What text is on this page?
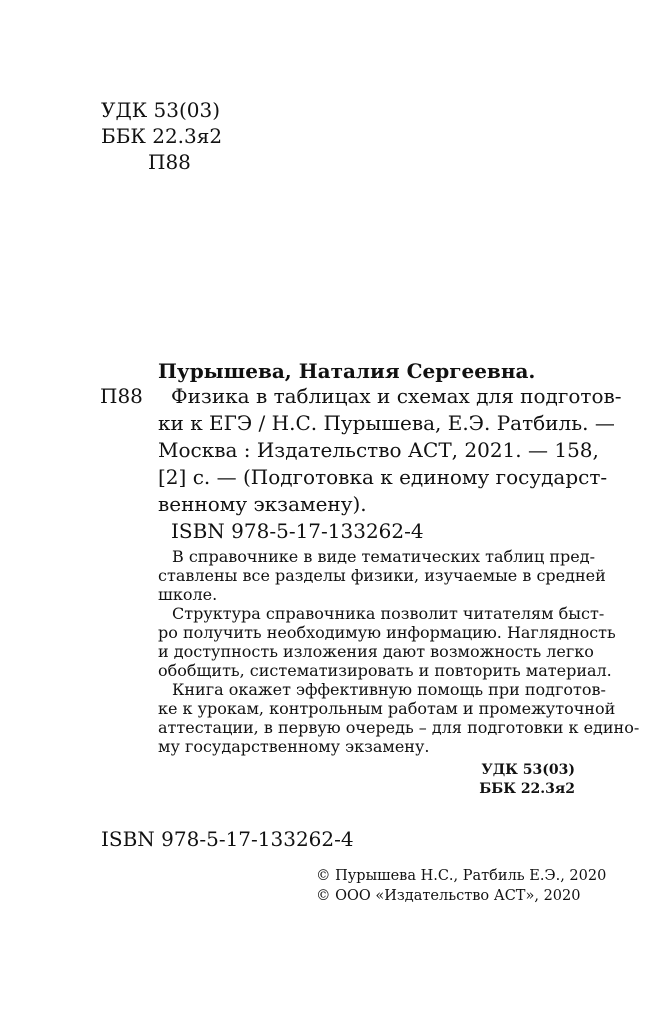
УДК 53(03)
ББК 22.3я2
П88
Пурышева, Наталия Сергеевна.
П88 Физика в таблицах и схемах для подготов-
ки к ЕГЭ / Н.С. Пурышева, Е.Э. Ратбиль. —
Москва : Издательство АСТ, 2021. — 158,
[2] с. — (Подготовка к единому государст-
венному экзамену).
ISBN 978-5-17-133262-4
В справочнике в виде тематических таблиц пред-
ставлены все разделы физики, изучаемые в средней
школе.
Структура справочника позволит читателям быст-
ро получить необходимую информацию. Наглядность
и доступность изложения дают возможность легко
обобщить, систематизировать и повторить материал.
Книга окажет эффективную помощь при подготов-
ке к урокам, контрольным работам и промежуточной
аттестации, в первую очередь – для подготовки к едино-
му государственному экзамену.
УДК 53(03)
ББК 22.3я2
ISBN 978-5-17-133262-4
© Пурышева Н.С., Ратбиль Е.Э., 2020
© ООО «Издательство АСТ», 2020
